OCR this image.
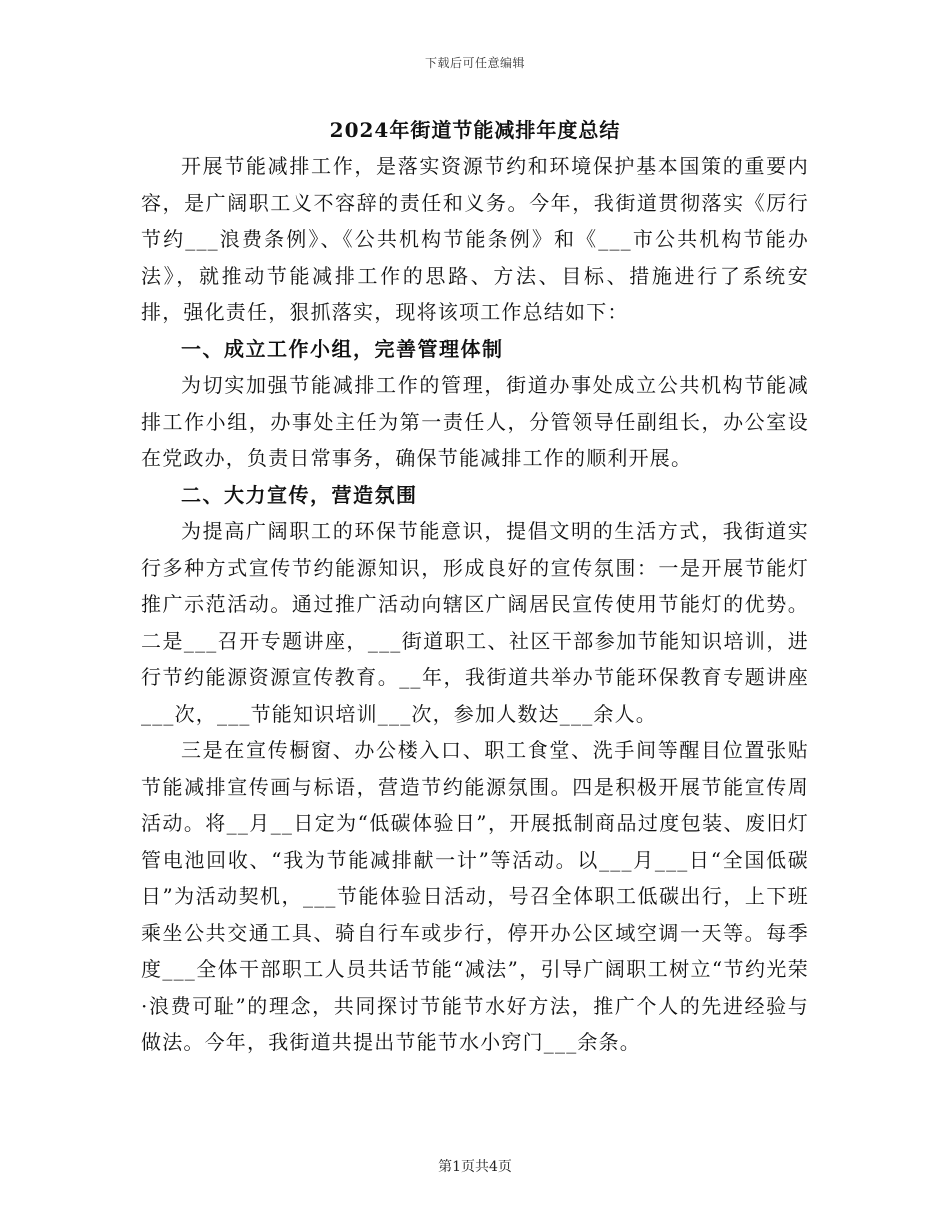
下载后可任意编辑
2024年街道节能减排年度总结

开展节能减排工作，是落实资源节约和环境保护基本国策的重要内容，是广阔职工义不容辞的责任和义务。今年，我街道贯彻落实《厉行节约___浪费条例》、《公共机构节能条例》和《___市公共机构节能办法》，就推动节能减排工作的思路、方法、目标、措施进行了系统安排，强化责任，狠抓落实，现将该项工作总结如下：

一、成立工作小组，完善管理体制

为切实加强节能减排工作的管理，街道办事处成立公共机构节能减排工作小组，办事处主任为第一责任人，分管领导任副组长，办公室设在党政办，负责日常事务，确保节能减排工作的顺利开展。

二、大力宣传，营造氛围

为提高广阔职工的环保节能意识，提倡文明的生活方式，我街道实行多种方式宣传节约能源知识，形成良好的宣传氛围：一是开展节能灯推广示范活动。通过推广活动向辖区广阔居民宣传使用节能灯的优势。二是___召开专题讲座，___街道职工、社区干部参加节能知识培训，进行节约能源资源宣传教育。__年，我街道共举办节能环保教育专题讲座___次，___节能知识培训___次，参加人数达___余人。

三是在宣传橱窗、办公楼入口、职工食堂、洗手间等醒目位置张贴节能减排宣传画与标语，营造节约能源氛围。四是积极开展节能宣传周活动。将__月__日定为“低碳体验日”，开展抵制商品过度包装、废旧灯管电池回收、“我为节能减排献一计”等活动。以___月___日“全国低碳日”为活动契机，___节能体验日活动，号召全体职工低碳出行，上下班乘坐公共交通工具、骑自行车或步行，停开办公区域空调一天等。每季度___全体干部职工人员共话节能“减法”，引导广阔职工树立“节约光荣·浪费可耻”的理念，共同探讨节能节水好方法，推广个人的先进经验与做法。今年，我街道共提出节能节水小窍门___余条。

第1页共4页
